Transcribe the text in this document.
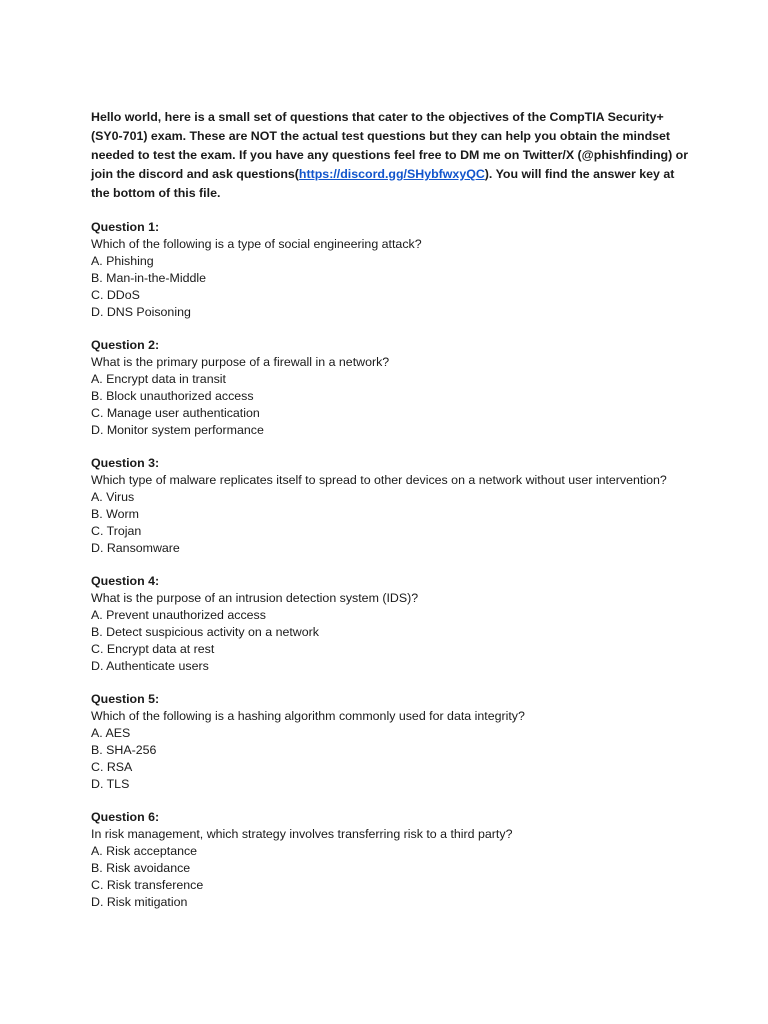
Hello world, here is a small set of questions that cater to the objectives of the CompTIA Security+ (SY0-701) exam. These are NOT the actual test questions but they can help you obtain the mindset needed to test the exam. If you have any questions feel free to DM me on Twitter/X (@phishfinding) or join the discord and ask questions(https://discord.gg/SHybfwxyQC). You will find the answer key at the bottom of this file.

Question 1:
Which of the following is a type of social engineering attack?
A. Phishing
B. Man-in-the-Middle
C. DDoS
D. DNS Poisoning
Question 2:
What is the primary purpose of a firewall in a network?
A. Encrypt data in transit
B. Block unauthorized access
C. Manage user authentication
D. Monitor system performance
Question 3:
Which type of malware replicates itself to spread to other devices on a network without user intervention?
A. Virus
B. Worm
C. Trojan
D. Ransomware
Question 4:
What is the purpose of an intrusion detection system (IDS)?
A. Prevent unauthorized access
B. Detect suspicious activity on a network
C. Encrypt data at rest
D. Authenticate users
Question 5:
Which of the following is a hashing algorithm commonly used for data integrity?
A. AES
B. SHA-256
C. RSA
D. TLS
Question 6:
In risk management, which strategy involves transferring risk to a third party?
A. Risk acceptance
B. Risk avoidance
C. Risk transference
D. Risk mitigation
